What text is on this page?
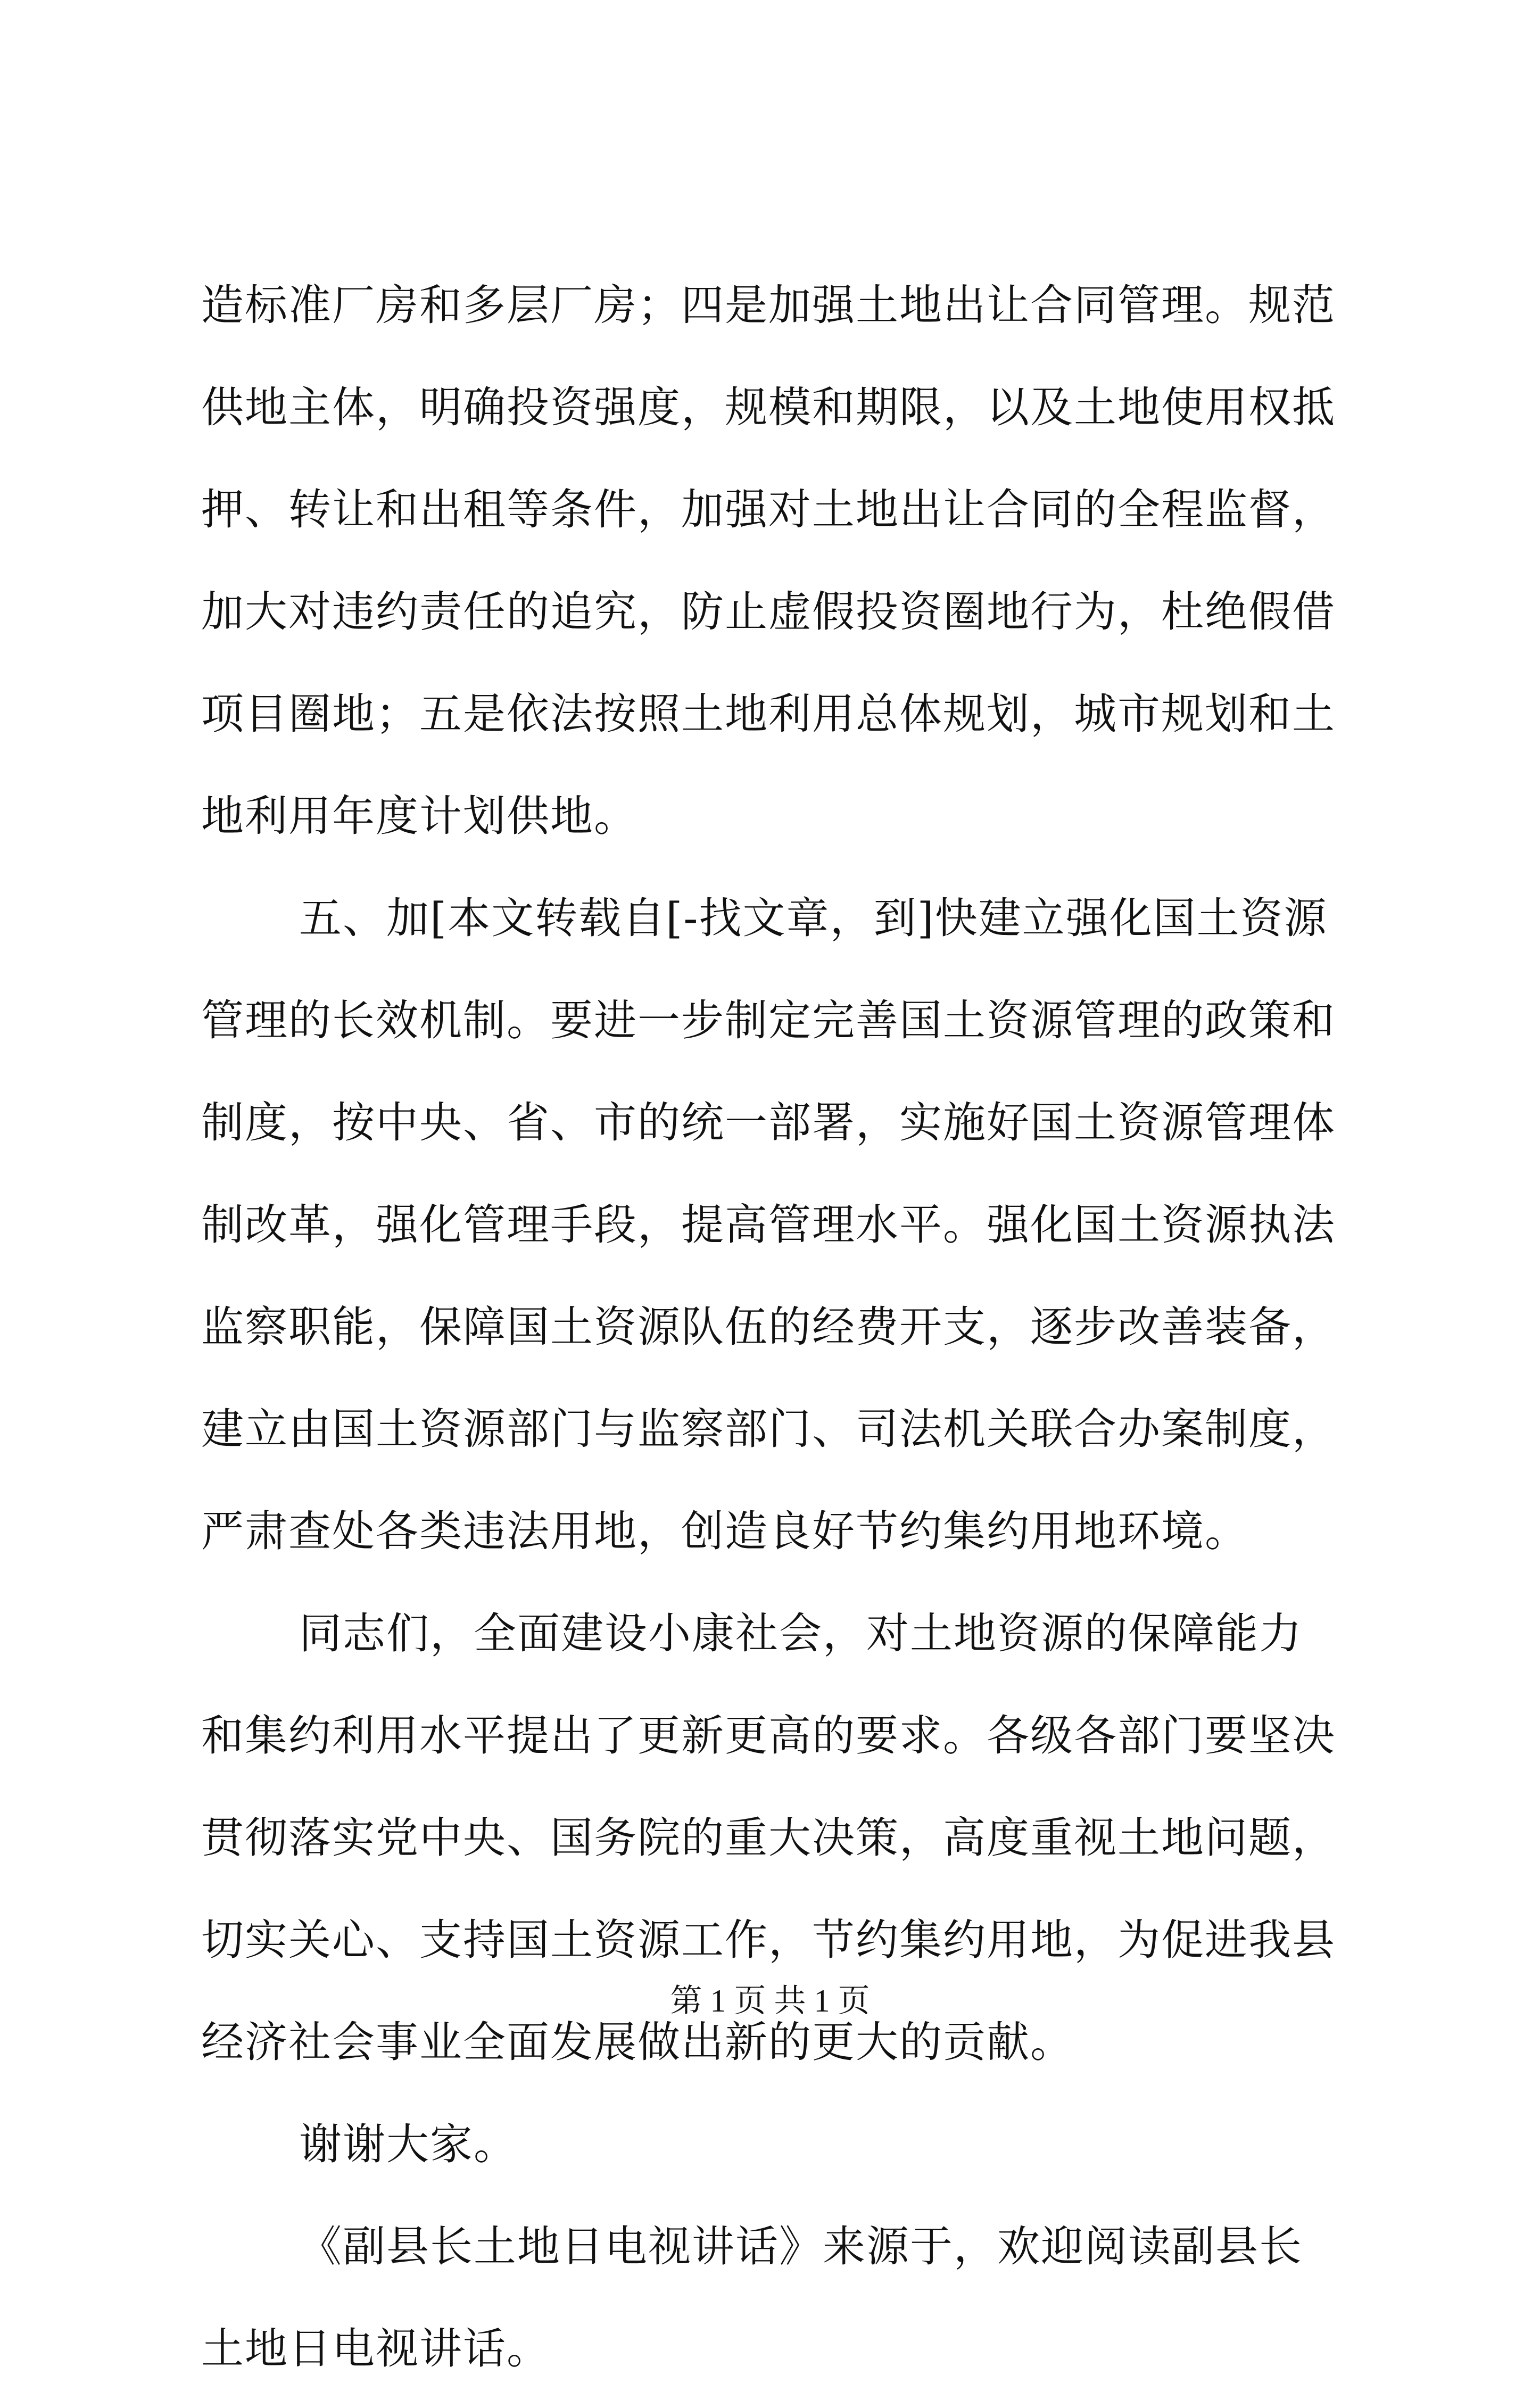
造标准厂房和多层厂房；四是加强土地出让合同管理。规范供地主体，明确投资强度，规模和期限，以及土地使用权抵押、转让和出租等条件，加强对土地出让合同的全程监督，加大对违约责任的追究，防止虚假投资圈地行为，杜绝假借项目圈地；五是依法按照土地利用总体规划，城市规划和土地利用年度计划供地。

五、加[本文转载自[-找文章，到]快建立强化国土资源管理的长效机制。要进一步制定完善国土资源管理的政策和制度，按中央、省、市的统一部署，实施好国土资源管理体制改革，强化管理手段，提高管理水平。强化国土资源执法监察职能，保障国土资源队伍的经费开支，逐步改善装备，建立由国土资源部门与监察部门、司法机关联合办案制度，严肃查处各类违法用地，创造良好节约集约用地环境。

同志们，全面建设小康社会，对土地资源的保障能力和集约利用水平提出了更新更高的要求。各级各部门要坚决贯彻落实党中央、国务院的重大决策，高度重视土地问题，切实关心、支持国土资源工作，节约集约用地，为促进我县经济社会事业全面发展做出新的更大的贡献。

谢谢大家。

《副县长土地日电视讲话》来源于，欢迎阅读副县长土地日电视讲话。

第 1 页 共 1 页
